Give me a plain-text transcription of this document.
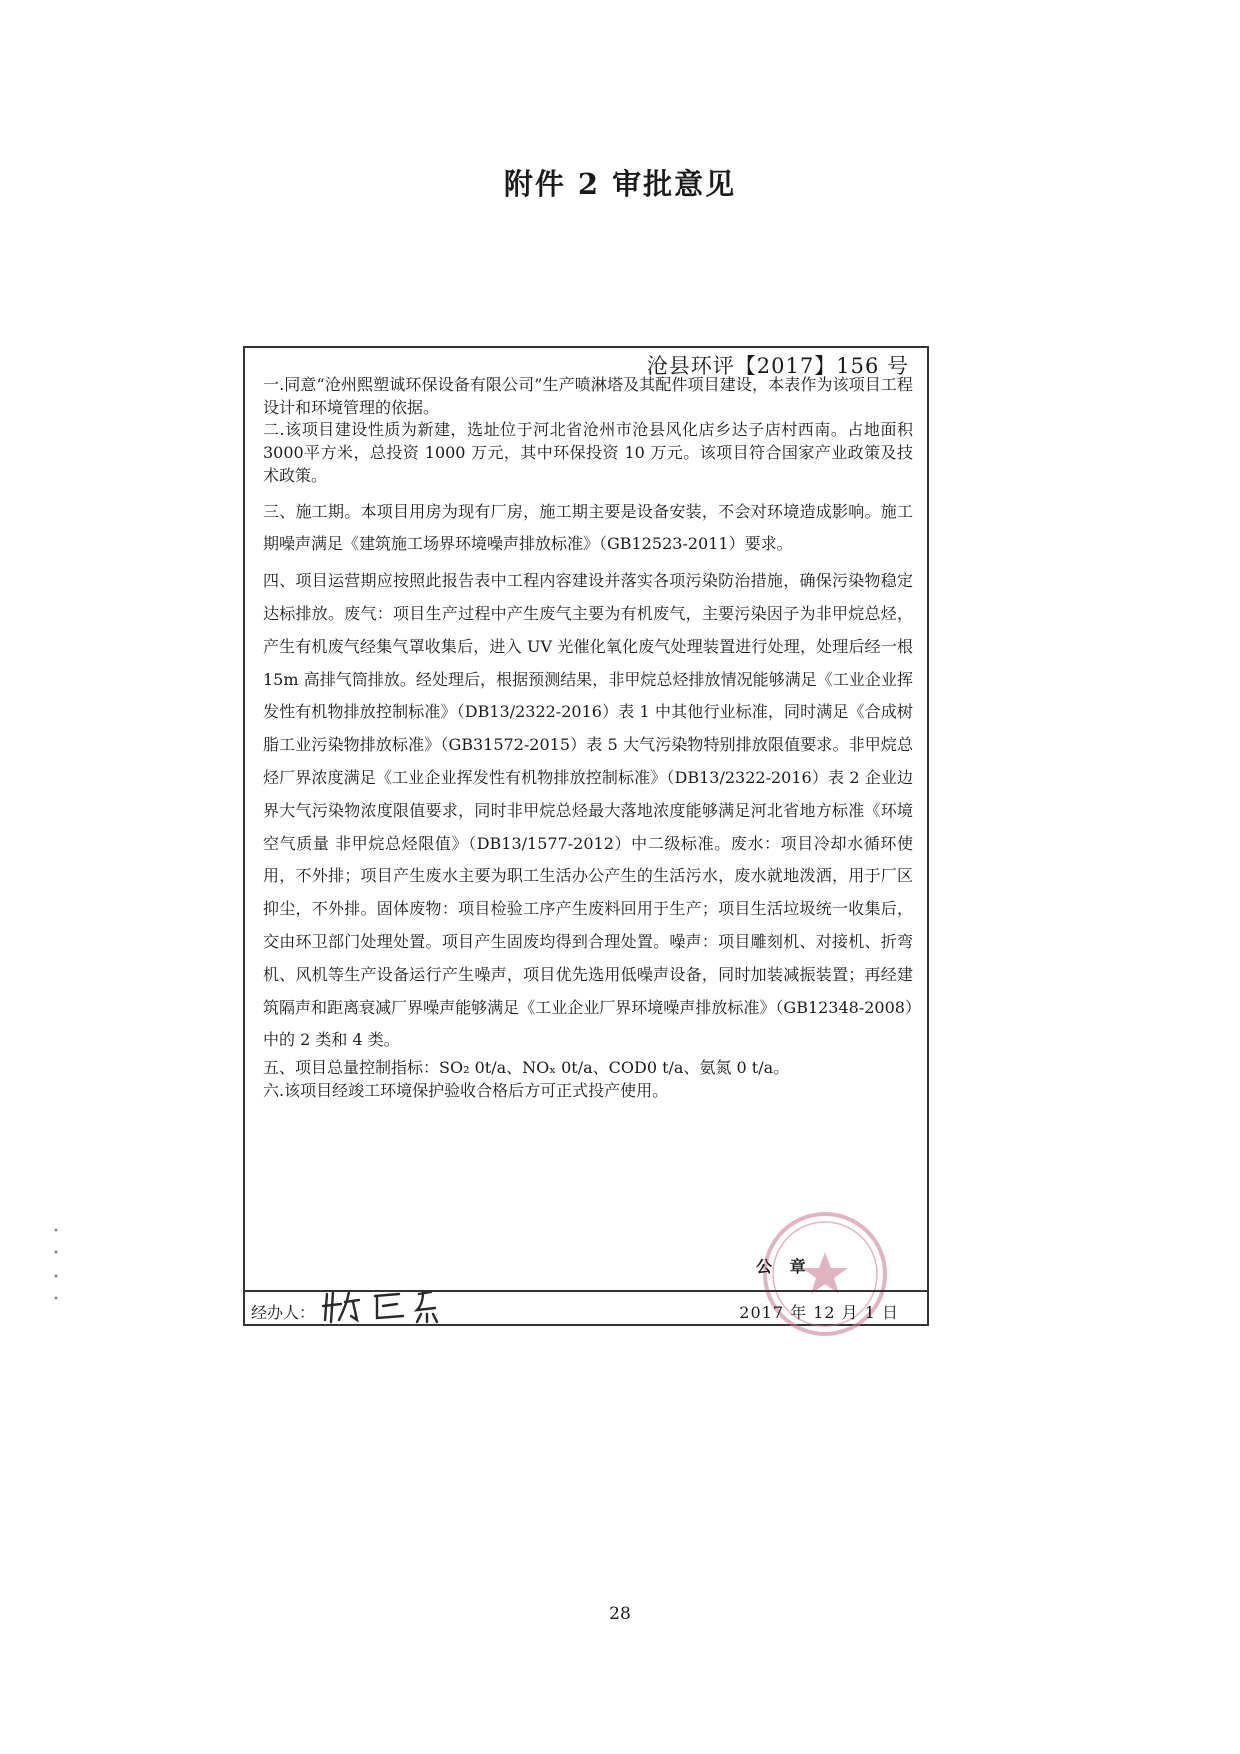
附件 2 审批意见
沧县环评【2017】156 号

一.同意“沧州熙塑诚环保设备有限公司”生产喷淋塔及其配件项目建设，本表作为该项目工程设计和环境管理的依据。

二.该项目建设性质为新建，选址位于河北省沧州市沧县风化店乡达子店村西南。占地面积3000平方米，总投资 1000 万元，其中环保投资 10 万元。该项目符合国家产业政策及技术政策。

三、施工期。本项目用房为现有厂房，施工期主要是设备安装，不会对环境造成影响。施工期噪声满足《建筑施工场界环境噪声排放标准》（GB12523-2011）要求。

四、项目运营期应按照此报告表中工程内容建设并落实各项污染防治措施，确保污染物稳定达标排放。废气：项目生产过程中产生废气主要为有机废气，主要污染因子为非甲烷总烃，产生有机废气经集气罩收集后，进入 UV 光催化氧化废气处理装置进行处理，处理后经一根 15m 高排气筒排放。经处理后，根据预测结果，非甲烷总烃排放情况能够满足《工业企业挥发性有机物排放控制标准》（DB13/2322-2016）表 1 中其他行业标准，同时满足《合成树脂工业污染物排放标准》（GB31572-2015）表 5 大气污染物特别排放限值要求。非甲烷总烃厂界浓度满足《工业企业挥发性有机物排放控制标准》（DB13/2322-2016）表 2 企业边界大气污染物浓度限值要求，同时非甲烷总烃最大落地浓度能够满足河北省地方标准《环境空气质量 非甲烷总烃限值》（DB13/1577-2012）中二级标准。废水：项目冷却水循环使用，不外排；项目产生废水主要为职工生活办公产生的生活污水，废水就地泼洒，用于厂区抑尘，不外排。固体废物：项目检验工序产生废料回用于生产；项目生活垃圾统一收集后，交由环卫部门处理处置。项目产生固废均得到合理处置。噪声：项目雕刻机、对接机、折弯机、风机等生产设备运行产生噪声，项目优先选用低噪声设备，同时加装减振装置；再经建筑隔声和距离衰减厂界噪声能够满足《工业企业厂界环境噪声排放标准》（GB12348-2008）中的 2 类和 4 类。

五、项目总量控制指标：SO₂ 0t/a、NOₓ 0t/a、COD0 t/a、氨氮 0 t/a。

六.该项目经竣工环境保护验收合格后方可正式投产使用。

公 章
经办人：	2017 年 12 月 1 日
28
